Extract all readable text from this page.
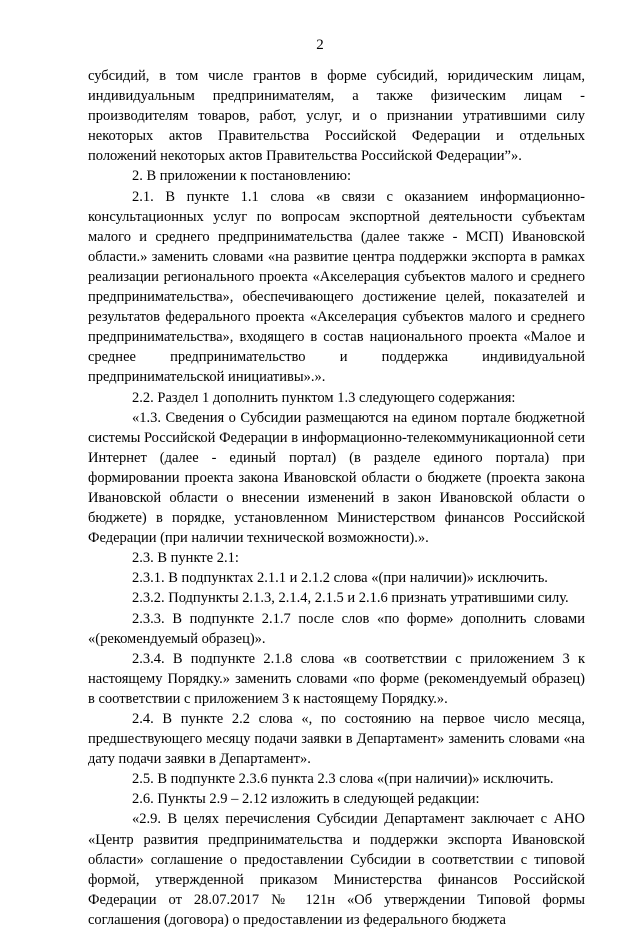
2

субсидий, в том числе грантов в форме субсидий, юридическим лицам, индивидуальным предпринимателям, а также физическим лицам - производителям товаров, работ, услуг, и о признании утратившими силу некоторых актов Правительства Российской Федерации и отдельных положений некоторых актов Правительства Российской Федерации”».

2. В приложении к постановлению:

2.1. В пункте 1.1 слова «в связи с оказанием информационно-консультационных услуг по вопросам экспортной деятельности субъектам малого и среднего предпринимательства (далее также - МСП) Ивановской области.» заменить словами «на развитие центра поддержки экспорта в рамках реализации регионального проекта «Акселерация субъектов малого и среднего предпринимательства», обеспечивающего достижение целей, показателей и результатов федерального проекта «Акселерация субъектов малого и среднего предпринимательства», входящего в состав национального проекта «Малое и среднее предпринимательство и поддержка индивидуальной предпринимательской инициативы».».

2.2. Раздел 1 дополнить пунктом 1.3 следующего содержания:

«1.3. Сведения о Субсидии размещаются на едином портале бюджетной системы Российской Федерации в информационно-телекоммуникационной сети Интернет (далее - единый портал) (в разделе единого портала) при формировании проекта закона Ивановской области о бюджете (проекта закона Ивановской области о внесении изменений в закон Ивановской области о бюджете) в порядке, установленном Министерством финансов Российской Федерации (при наличии технической возможности).».

2.3. В пункте 2.1:

2.3.1. В подпунктах 2.1.1 и 2.1.2 слова «(при наличии)» исключить.

2.3.2. Подпункты 2.1.3, 2.1.4, 2.1.5 и 2.1.6 признать утратившими силу.

2.3.3. В подпункте 2.1.7 после слов «по форме» дополнить словами «(рекомендуемый образец)».

2.3.4. В подпункте 2.1.8 слова «в соответствии с приложением 3 к настоящему Порядку.» заменить словами «по форме (рекомендуемый образец) в соответствии с приложением 3 к настоящему Порядку.».

2.4. В пункте 2.2 слова «, по состоянию на первое число месяца, предшествующего месяцу подачи заявки в Департамент» заменить словами «на дату подачи заявки в Департамент».

2.5. В подпункте 2.3.6 пункта 2.3 слова «(при наличии)» исключить.

2.6. Пункты 2.9 – 2.12 изложить в следующей редакции:

«2.9. В целях перечисления Субсидии Департамент заключает с АНО «Центр развития предпринимательства и поддержки экспорта Ивановской области» соглашение о предоставлении Субсидии в соответствии с типовой формой, утвержденной приказом Министерства финансов Российской Федерации от 28.07.2017 № 121н «Об утверждении Типовой формы соглашения (договора) о предоставлении из федерального бюджета
